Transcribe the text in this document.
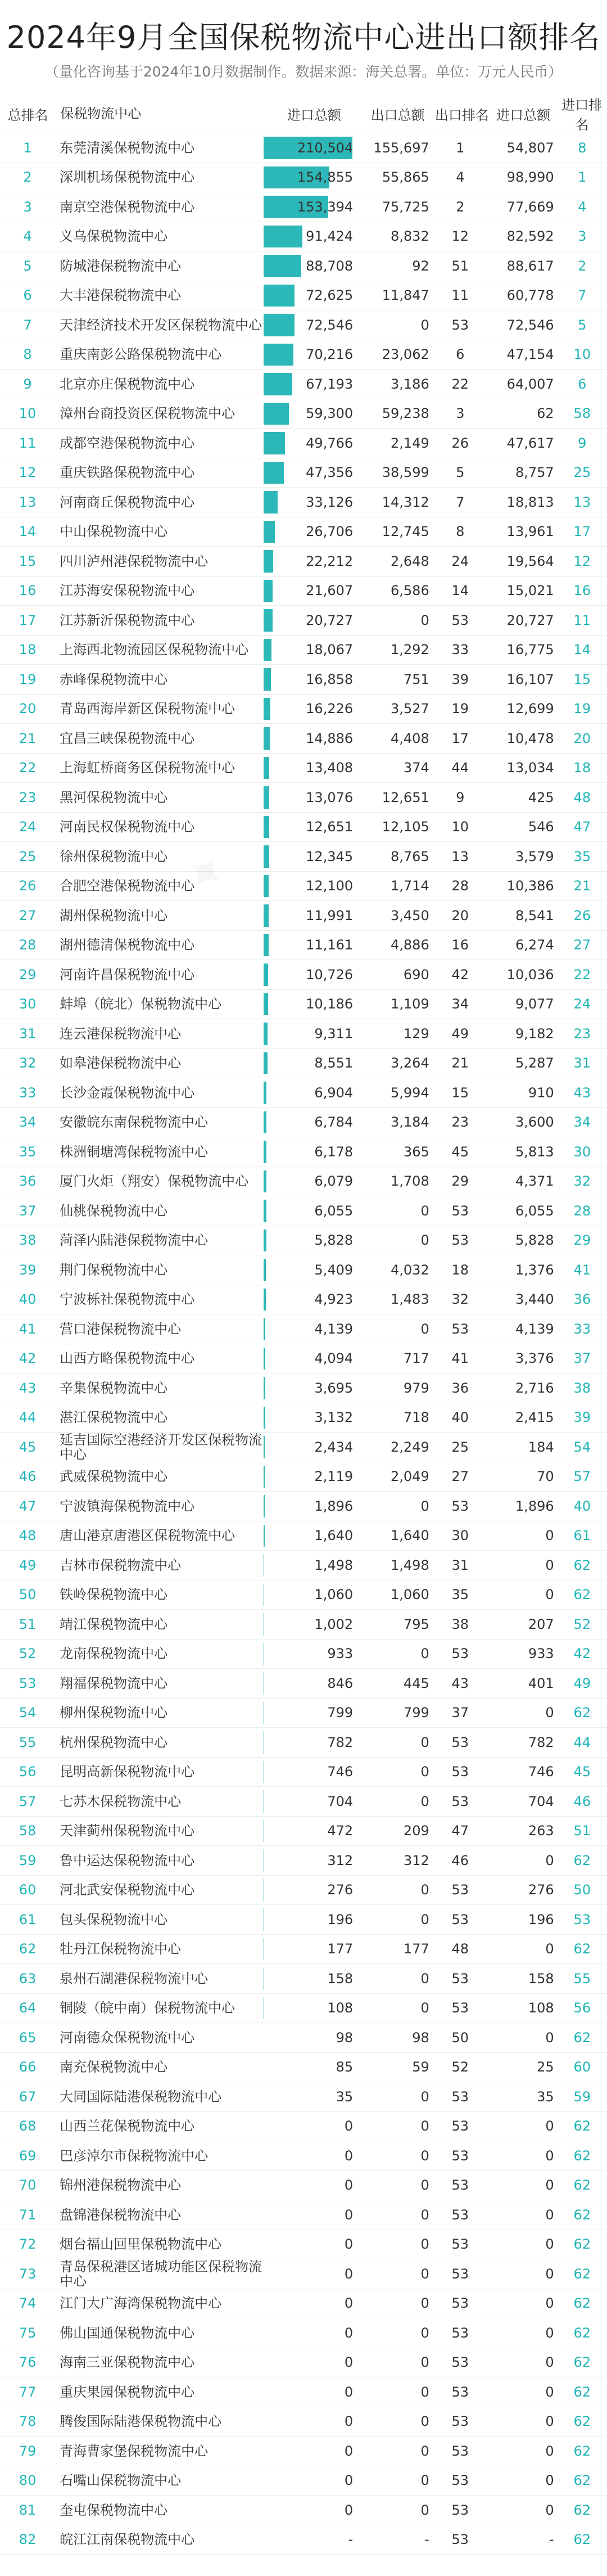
2024年9月全国保税物流中心进出口额排名
（量化咨询基于2024年10月数据制作。数据来源：海关总署。单位：万元人民币）
总排名 保税物流中心	进口总额	出口总额 出口排名 进口总额
进口排名
1	东莞清溪保税物流中心	210,504	155,697	1	54,807	8
2	深圳机场保税物流中心	154,855	55,865	4	98,990	1
3	南京空港保税物流中心	153,394	75,725	2	77,669	4
4	义乌保税物流中心	91,424	8,832	12	82,592	3
5	防城港保税物流中心	88,708	92	51	88,617	2
6	大丰港保税物流中心	72,625	11,847	11	60,778	7
7	天津经济技术开发区保税物流中心	72,546	0	53	72,546	5
8	重庆南彭公路保税物流中心	70,216	23,062	6	47,154	10
9	北京亦庄保税物流中心	67,193	3,186	22	64,007	6
10	漳州台商投资区保税物流中心	59,300	59,238	3	62	58
11	成都空港保税物流中心	49,766	2,149	26	47,617	9
12	重庆铁路保税物流中心	47,356	38,599	5	8,757	25
13	河南商丘保税物流中心	33,126	14,312	7	18,813	13
14	中山保税物流中心	26,706	12,745	8	13,961	17
15	四川泸州港保税物流中心	22,212	2,648	24	19,564	12
16	江苏海安保税物流中心	21,607	6,586	14	15,021	16
17	江苏新沂保税物流中心	20,727	0	53	20,727	11
18	上海西北物流园区保税物流中心	18,067	1,292	33	16,775	14
19	赤峰保税物流中心	16,858	751	39	16,107	15
20	青岛西海岸新区保税物流中心	16,226	3,527	19	12,699	19
21	宜昌三峡保税物流中心	14,886	4,408	17	10,478	20
22	上海虹桥商务区保税物流中心	13,408	374	44	13,034	18
23	黑河保税物流中心	13,076	12,651	9	425	48
24	河南民权保税物流中心	12,651	12,105	10	546	47
25	徐州保税物流中心	12,345	8,765	13	3,579	35
26	合肥空港保税物流中心	12,100	1,714	28	10,386	21
27	湖州保税物流中心	11,991	3,450	20	8,541	26
28	湖州德清保税物流中心	11,161	4,886	16	6,274	27
29	河南许昌保税物流中心	10,726	690	42	10,036	22
30	蚌埠（皖北）保税物流中心	10,186	1,109	34	9,077	24
31	连云港保税物流中心	9,311	129	49	9,182	23
32	如皋港保税物流中心	8,551	3,264	21	5,287	31
33	长沙金霞保税物流中心	6,904	5,994	15	910	43
34	安徽皖东南保税物流中心	6,784	3,184	23	3,600	34
35	株洲铜塘湾保税物流中心	6,178	365	45	5,813	30
36	厦门火炬（翔安）保税物流中心	6,079	1,708	29	4,371	32
37	仙桃保税物流中心	6,055	0	53	6,055	28
38	菏泽内陆港保税物流中心	5,828	0	53	5,828	29
39	荆门保税物流中心	5,409	4,032	18	1,376	41
40	宁波栎社保税物流中心	4,923	1,483	32	3,440	36
41	营口港保税物流中心	4,139	0	53	4,139	33
42	山西方略保税物流中心	4,094	717	41	3,376	37
43	辛集保税物流中心	3,695	979	36	2,716	38
44	湛江保税物流中心	3,132	718	40	2,415	39
45	延吉国际空港经济开发区保税物流中心	2,434	2,249	25	184	54
46	武威保税物流中心	2,119	2,049	27	70	57
47	宁波镇海保税物流中心	1,896	0	53	1,896	40
48	唐山港京唐港区保税物流中心	1,640	1,640	30	0	61
49	吉林市保税物流中心	1,498	1,498	31	0	62
50	铁岭保税物流中心	1,060	1,060	35	0	62
51	靖江保税物流中心	1,002	795	38	207	52
52	龙南保税物流中心	933	0	53	933	42
53	翔福保税物流中心	846	445	43	401	49
54	柳州保税物流中心	799	799	37	0	62
55	杭州保税物流中心	782	0	53	782	44
56	昆明高新保税物流中心	746	0	53	746	45
57	七苏木保税物流中心	704	0	53	704	46
58	天津蓟州保税物流中心	472	209	47	263	51
59	鲁中运达保税物流中心	312	312	46	0	62
60	河北武安保税物流中心	276	0	53	276	50
61	包头保税物流中心	196	0	53	196	53
62	牡丹江保税物流中心	177	177	48	0	62
63	泉州石湖港保税物流中心	158	0	53	158	55
64	铜陵（皖中南）保税物流中心	108	0	53	108	56
65	河南德众保税物流中心	98	98	50	0	62
66	南充保税物流中心	85	59	52	25	60
67	大同国际陆港保税物流中心	35	0	53	35	59
68	山西兰花保税物流中心	0	0	53	0	62
69	巴彦淖尔市保税物流中心	0	0	53	0	62
70	锦州港保税物流中心	0	0	53	0	62
71	盘锦港保税物流中心	0	0	53	0	62
72	烟台福山回里保税物流中心	0	0	53	0	62
73	青岛保税港区诸城功能区保税物流中心	0	0	53	0	62
74	江门大广海湾保税物流中心	0	0	53	0	62
75	佛山国通保税物流中心	0	0	53	0	62
76	海南三亚保税物流中心	0	0	53	0	62
77	重庆果园保税物流中心	0	0	53	0	62
78	腾俊国际陆港保税物流中心	0	0	53	0	62
79	青海曹家堡保税物流中心	0	0	53	0	62
80	石嘴山保税物流中心	0	0	53	0	62
81	奎屯保税物流中心	0	0	53	0	62
82	皖江江南保税物流中心	-	-	53	-	62
